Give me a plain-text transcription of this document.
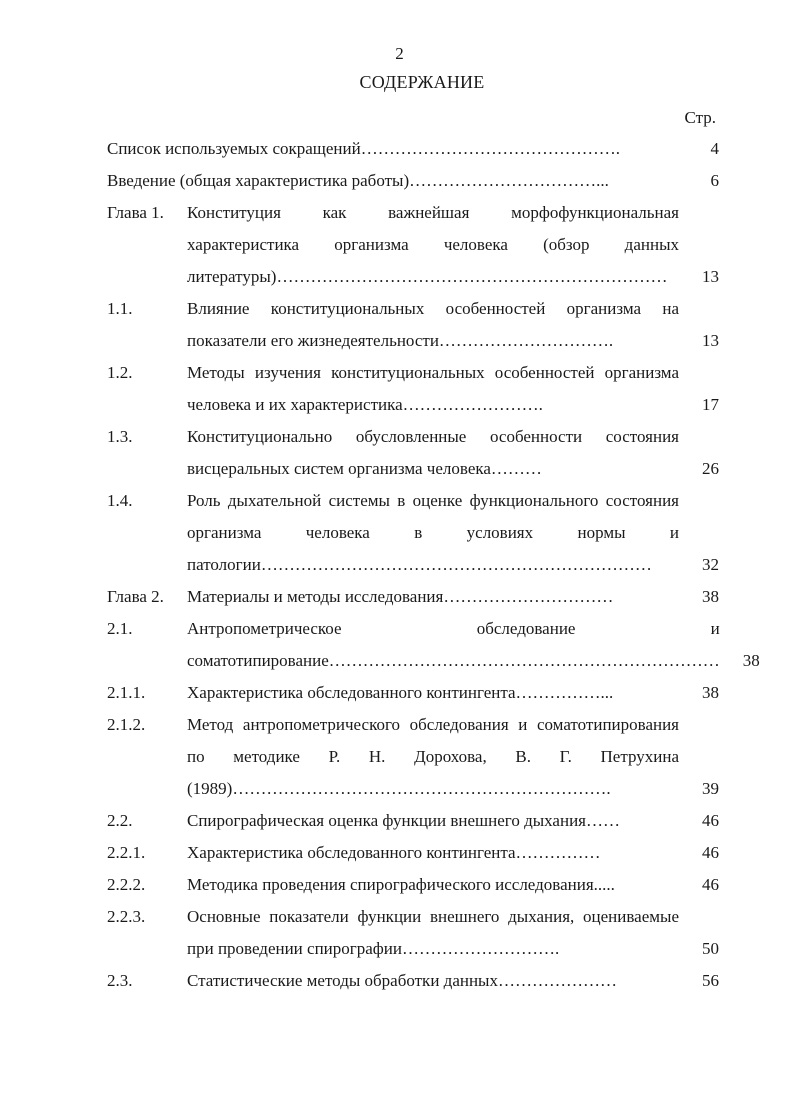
2
СОДЕРЖАНИЕ
Стр.
Список используемых сокращений……………………………………….	4
Введение (общая характеристика работы)……………………………...	6
Глава 1.	Конституция как важнейшая морфофункциональная характеристика организма человека (обзор данных литературы)……………………………………………………………	13
1.1.	Влияние конституциональных особенностей организма на показатели его жизнедеятельности………………………….	13
1.2.	Методы изучения конституциональных особенностей организма человека и их характеристика…………………….	17
1.3.	Конституционально обусловленные особенности состояния висцеральных систем организма человека………	26
1.4.	Роль дыхательной системы в оценке функционального состояния организма человека в условиях нормы и патологии……………………………………………………………	32
Глава 2.	Материалы и методы исследования…………………………	38
2.1.	Антропометрическое обследование и соматотипирование……………………………………………………………	38
2.1.1.	Характеристика обследованного контингента……………...	38
2.1.2.	Метод антропометрического обследования и соматотипирования по методике Р. Н. Дорохова, В. Г. Петрухина (1989)………………………………………………………….	39
2.2.	Спирографическая оценка функции внешнего дыхания……	46
2.2.1.	Характеристика обследованного контингента……………	46
2.2.2.	Методика проведения спирографического исследования.....	46
2.2.3.	Основные показатели функции внешнего дыхания, оцениваемые при проведении спирографии……………………….	50
2.3.	Статистические методы обработки данных…………………	56
